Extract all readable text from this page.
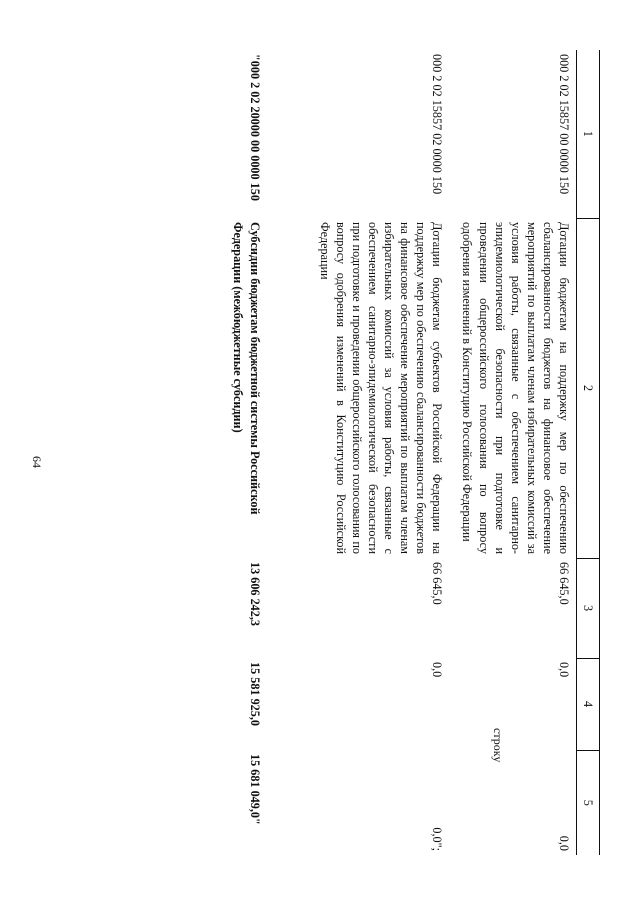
64
1	2	3	4	5
000 2 02 15857 00 0000 150	Дотации бюджетам на поддержку мер по обеспечению сбалансированности бюджетов на финансовое обеспечение мероприятий по выплатам членам избирательных комиссий за условия работы, связанные с обеспечением санитарно-эпидемиологической безопасности при подготовке и проведении общероссийского голосования по вопросу одобрения изменений в Конституцию Российской Федерации	66 645,0	0,0	0,0
000 2 02 15857 02 0000 150	Дотации бюджетам субъектов Российской Федерации на поддержку мер по обеспечению сбалансированности бюджетов на финансовое обеспечение мероприятий по выплатам членам избирательных комиссий за условия работы, связанные с обеспечением санитарно-эпидемиологической безопасности при подготовке и проведении общероссийского голосования по вопросу одобрения изменений в Конституцию Российской Федерации	66 645,0	0,0	0,0";

"000 2 02 20000 00 0000 150	Субсидии бюджетам бюджетной системы Российской Федерации (межбюджетные субсидии)	13 606 242,3	15 581 925,0	15 681 049,0"
строку
